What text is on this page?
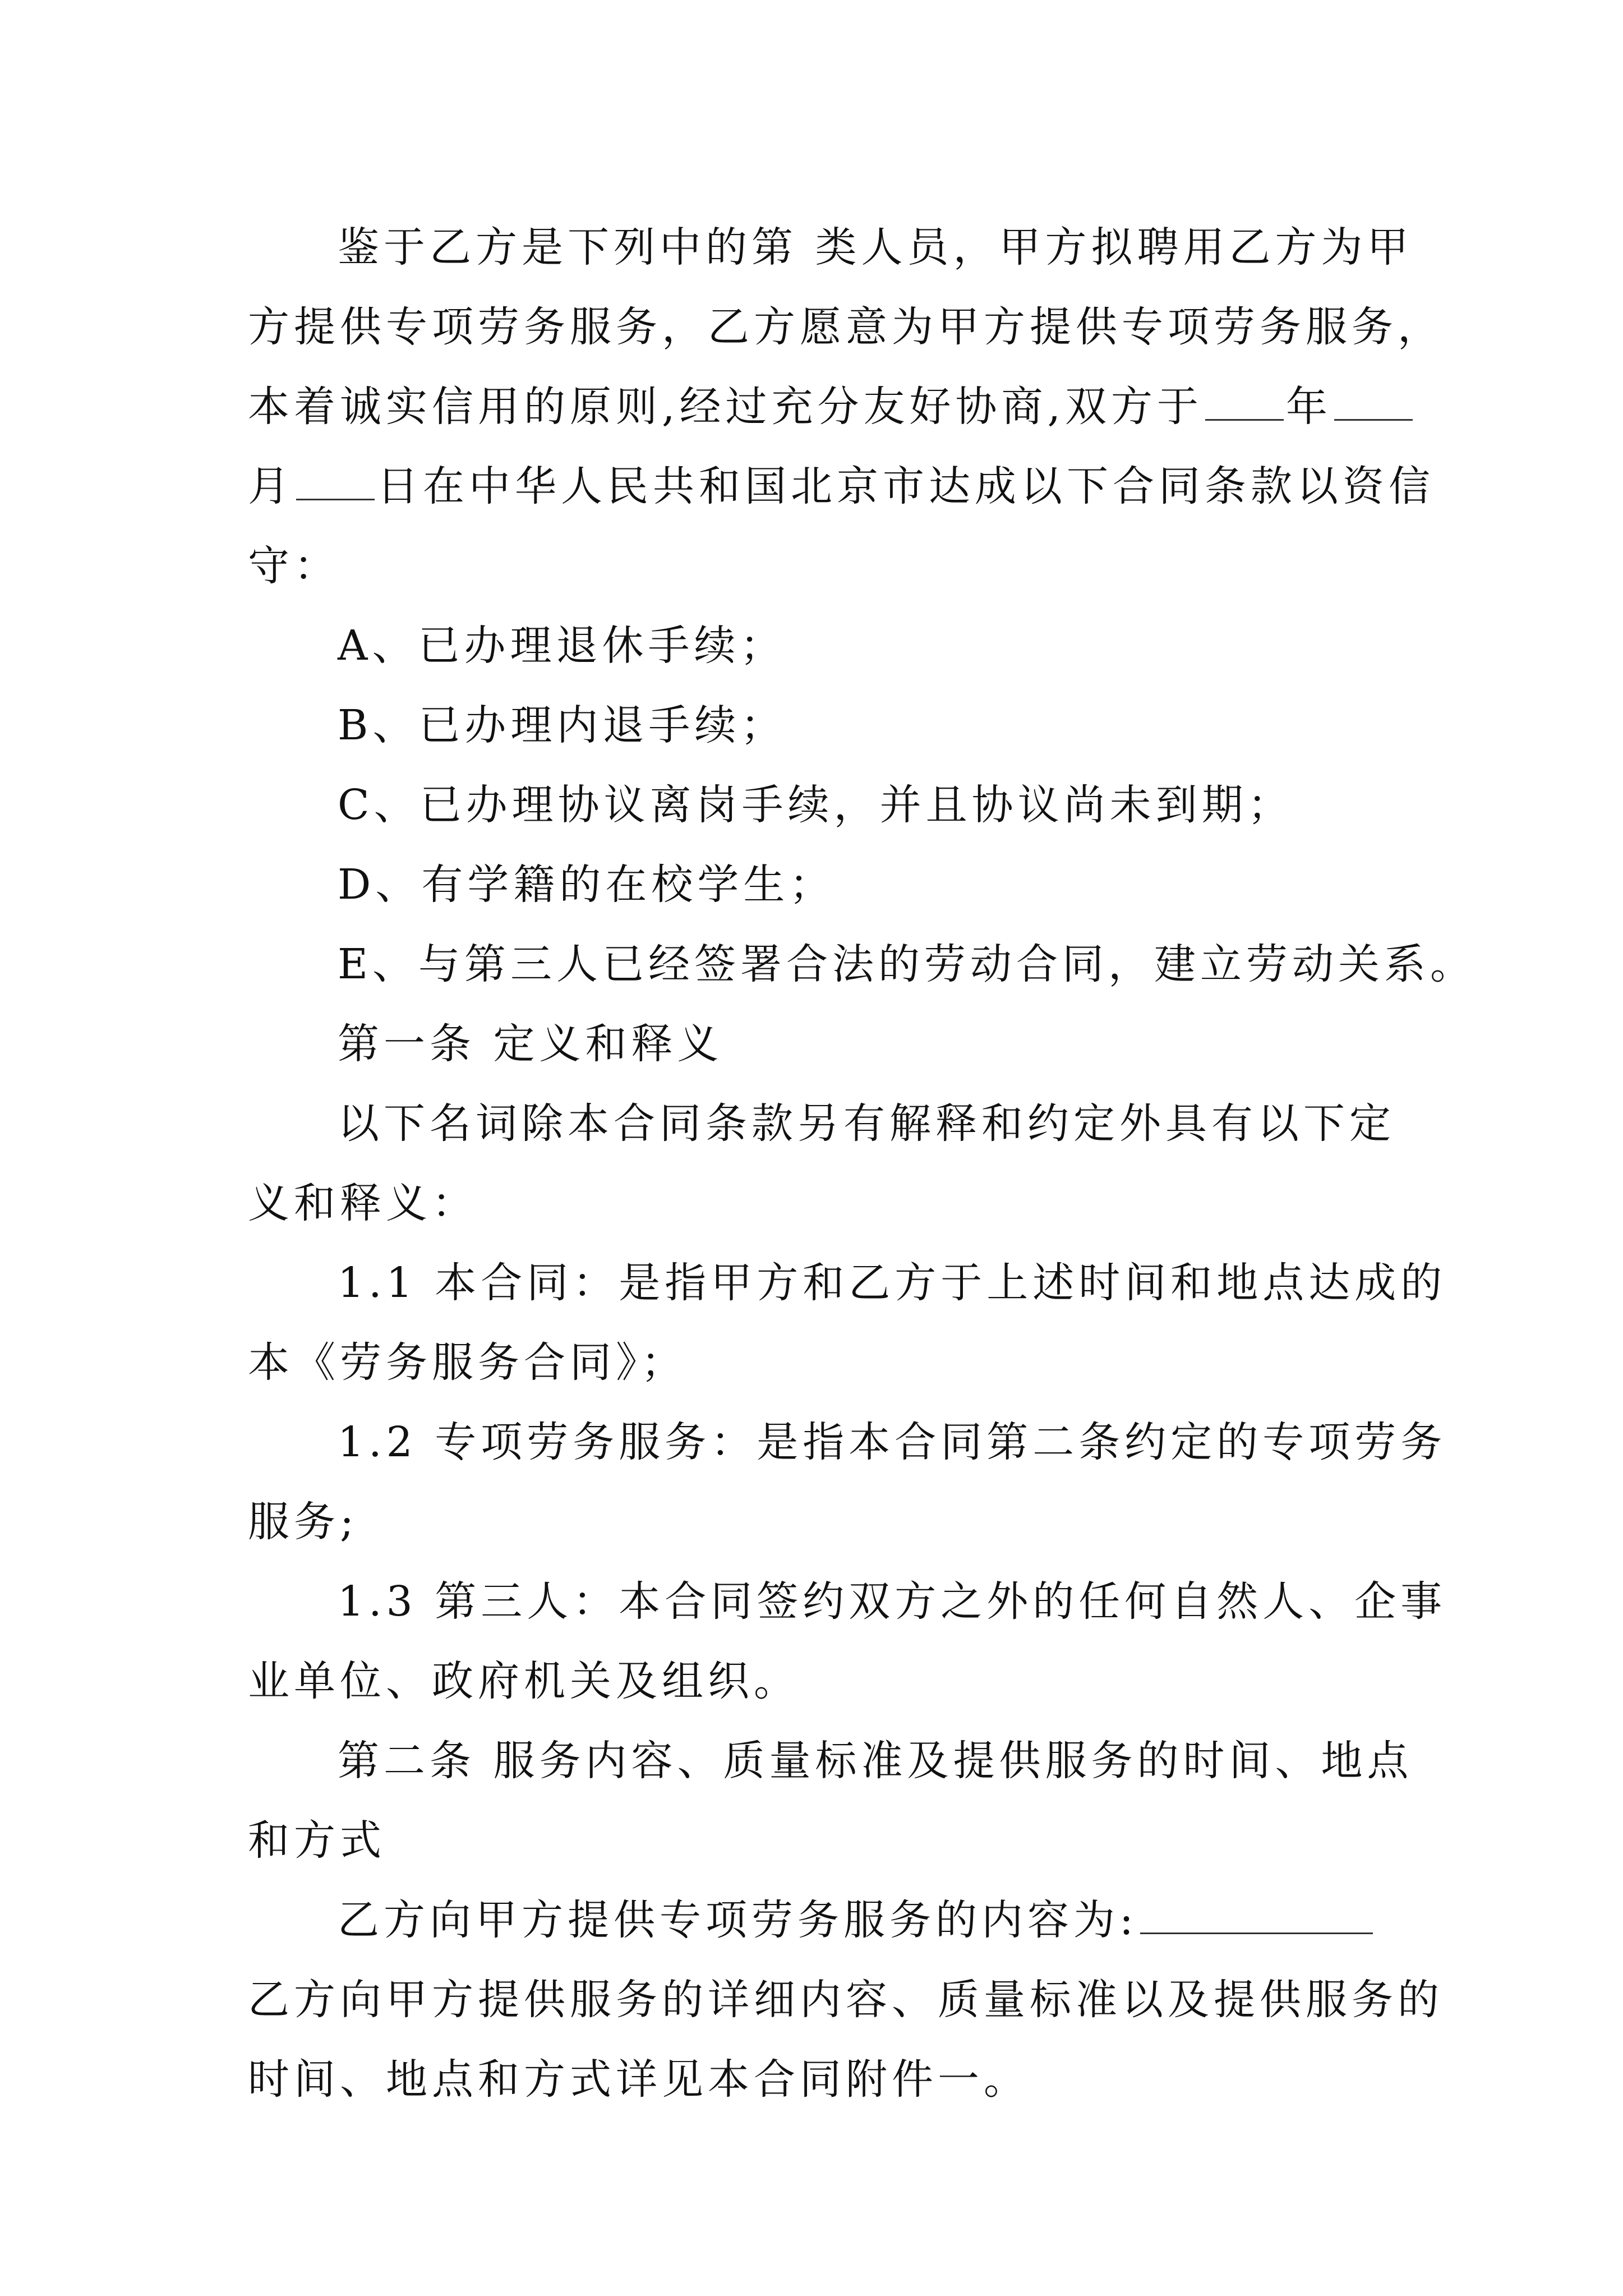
鉴于乙方是下列中的第 类人员，甲方拟聘用乙方为甲
方提供专项劳务服务，乙方愿意为甲方提供专项劳务服务，
本着诚实信用的原则,经过充分友好协商,双方于 年
月 日在中华人民共和国北京市达成以下合同条款以资信
守：
A、已办理退休手续；
B、已办理内退手续；
C、已办理协议离岗手续，并且协议尚未到期；
D、有学籍的在校学生；
E、与第三人已经签署合法的劳动合同，建立劳动关系。
第一条 定义和释义
以下名词除本合同条款另有解释和约定外具有以下定
义和释义：
1.1 本合同：是指甲方和乙方于上述时间和地点达成的
本《劳务服务合同》；
1.2 专项劳务服务：是指本合同第二条约定的专项劳务
服务;
1.3 第三人：本合同签约双方之外的任何自然人、企事
业单位、政府机关及组织。
第二条 服务内容、质量标准及提供服务的时间、地点
和方式
乙方向甲方提供专项劳务服务的内容为:
乙方向甲方提供服务的详细内容、质量标准以及提供服务的
时间、地点和方式详见本合同附件一。
